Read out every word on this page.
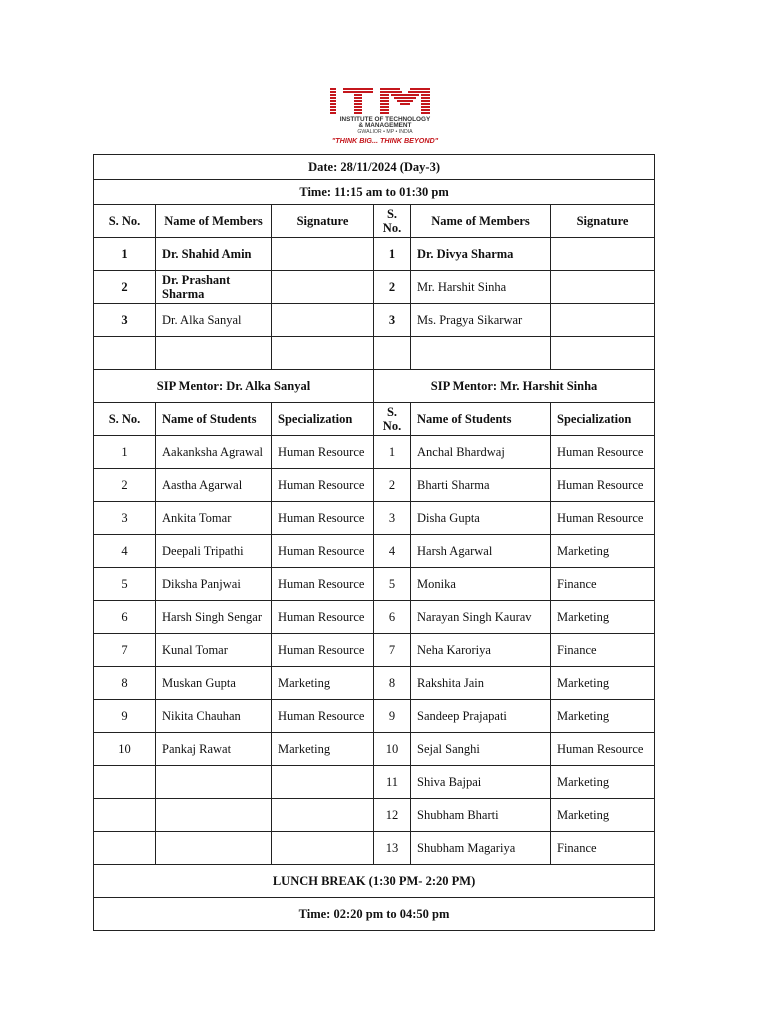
INSTITUTE OF TECHNOLOGY
& MANAGEMENT
GWALIOR • MP • INDIA
"THINK BIG... THINK BEYOND"
Date: 28/11/2024 (Day-3)					
Time: 11:15 am to 01:30 pm					
S. No.	Name of Members	Signature	S. No.	Name of Members	Signature
1	Dr. Shahid Amin		1	Dr. Divya Sharma	
2	Dr. Prashant Sharma		2	Mr. Harshit Sinha	
3	Dr. Alka Sanyal		3	Ms. Pragya Sikarwar	

SIP Mentor: Dr. Alka Sanyal			SIP Mentor: Mr. Harshit Sinha		
S. No.	Name of Students	Specialization	S. No.	Name of Students	Specialization
1	Aakanksha Agrawal	Human Resource	1	Anchal Bhardwaj	Human Resource
2	Aastha Agarwal	Human Resource	2	Bharti Sharma	Human Resource
3	Ankita Tomar	Human Resource	3	Disha Gupta	Human Resource
4	Deepali Tripathi	Human Resource	4	Harsh Agarwal	Marketing
5	Diksha Panjwai	Human Resource	5	Monika	Finance
6	Harsh Singh Sengar	Human Resource	6	Narayan Singh Kaurav	Marketing
7	Kunal Tomar	Human Resource	7	Neha Karoriya	Finance
8	Muskan Gupta	Marketing	8	Rakshita Jain	Marketing
9	Nikita Chauhan	Human Resource	9	Sandeep Prajapati	Marketing
10	Pankaj Rawat	Marketing	10	Sejal Sanghi	Human Resource
			11	Shiva Bajpai	Marketing
			12	Shubham Bharti	Marketing
			13	Shubham Magariya	Finance
LUNCH BREAK (1:30 PM- 2:20 PM)					
Time: 02:20 pm to 04:50 pm					
